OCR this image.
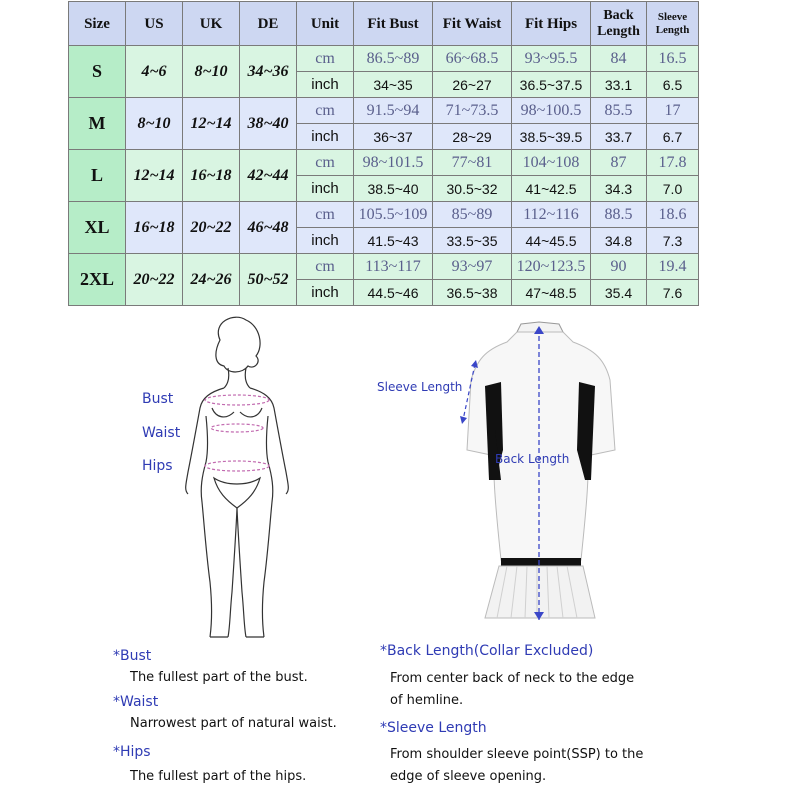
Size	US	UK	DE	Unit	Fit Bust	Fit Waist	Fit Hips	Back Length	Sleeve Length
S	4~6	8~10	34~36	cm	86.5~89	66~68.5	93~95.5	84	16.5
				inch	34~35	26~27	36.5~37.5	33.1	6.5
M	8~10	12~14	38~40	cm	91.5~94	71~73.5	98~100.5	85.5	17
				inch	36~37	28~29	38.5~39.5	33.7	6.7
L	12~14	16~18	42~44	cm	98~101.5	77~81	104~108	87	17.8
				inch	38.5~40	30.5~32	41~42.5	34.3	7.0
XL	16~18	20~22	46~48	cm	105.5~109	85~89	112~116	88.5	18.6
				inch	41.5~43	33.5~35	44~45.5	34.8	7.3
2XL	20~22	24~26	50~52	cm	113~117	93~97	120~123.5	90	19.4
				inch	44.5~46	36.5~38	47~48.5	35.4	7.6
Bust
Waist
Hips
Sleeve Length
Back Length
*Bust
The fullest part of the bust.
*Waist
Narrowest part of natural waist.
*Hips
The fullest part of the hips.
*Back Length(Collar Excluded)
From center back of neck to the edge
of hemline.
*Sleeve Length
From shoulder sleeve point(SSP) to the
edge of sleeve opening.
